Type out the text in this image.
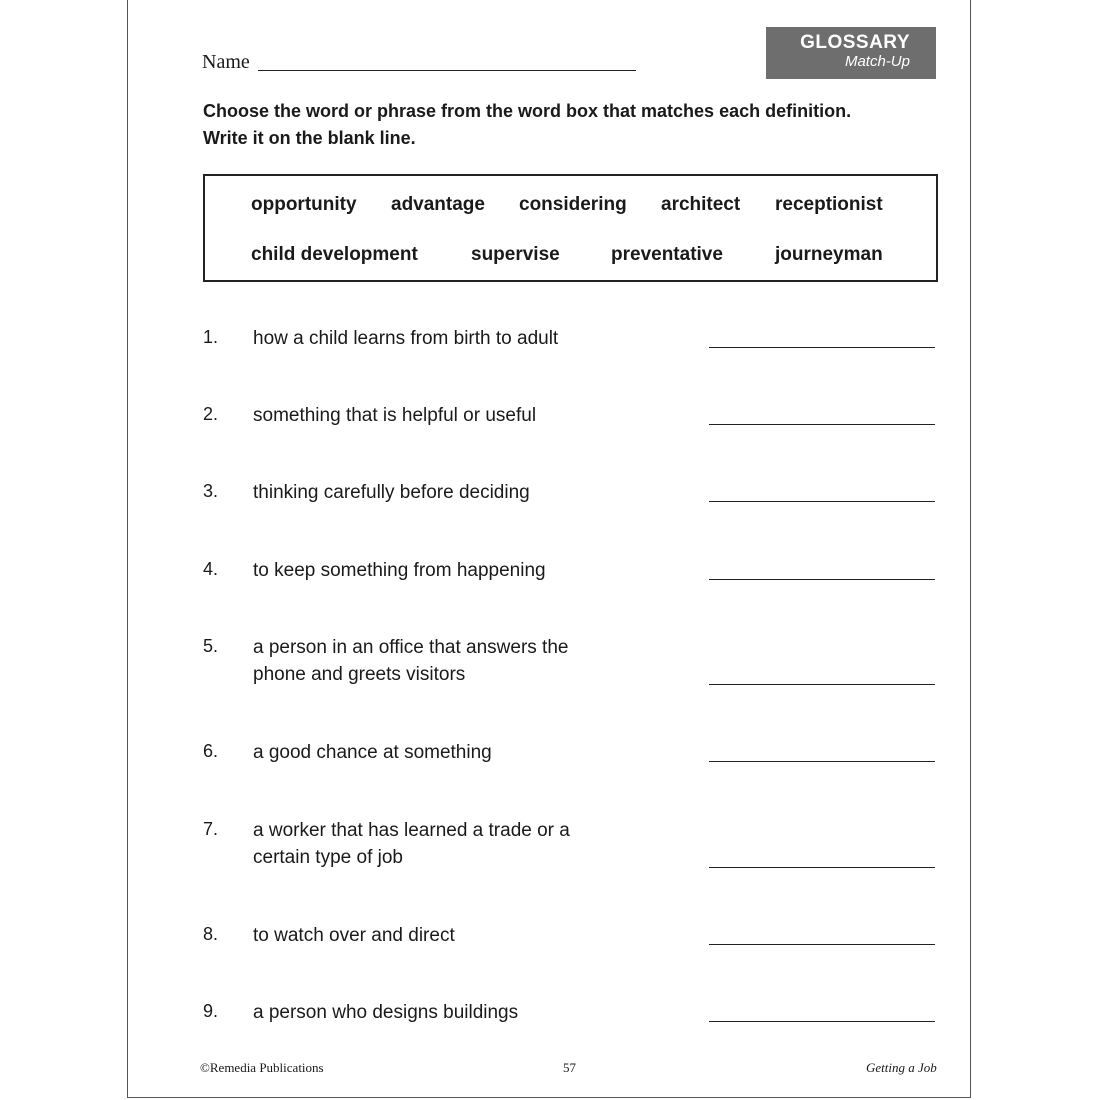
Name
GLOSSARY
Match-Up
Choose the word or phrase from the word box that matches each definition.
Write it on the blank line.
opportunity advantage considering architect receptionist
child development	supervise	preventative	journeyman
1. how a child learns from birth to adult
2. something that is helpful or useful
3. thinking carefully before deciding
4. to keep something from happening
5. a person in an office that answers the
phone and greets visitors
6. a good chance at something
7. a worker that has learned a trade or a
certain type of job
8. to watch over and direct
9. a person who designs buildings
©Remedia Publications	57	Getting a Job
